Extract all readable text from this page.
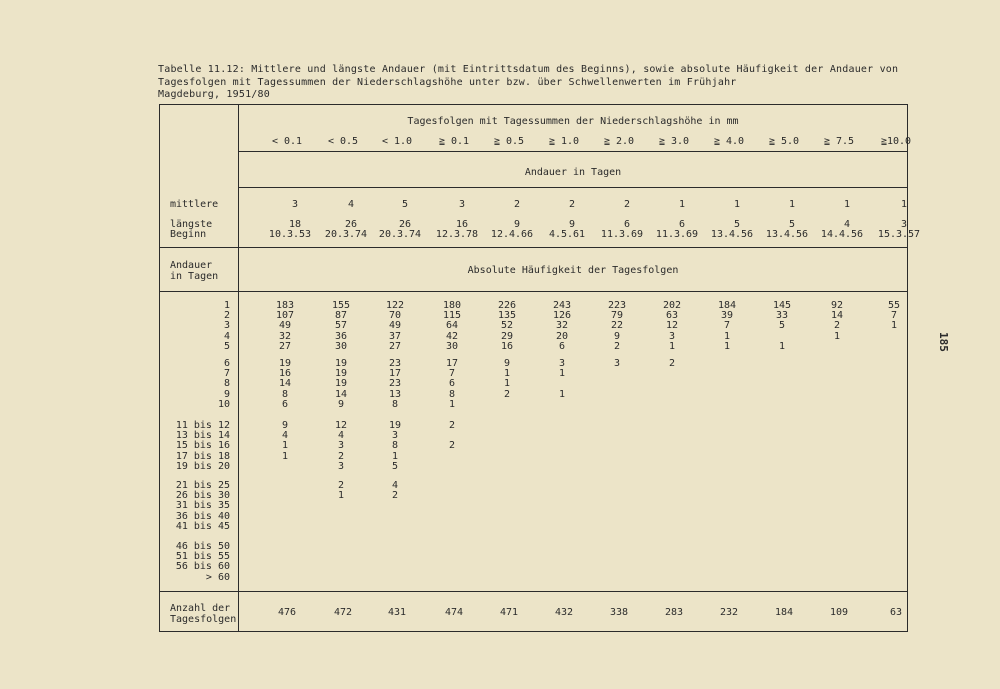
Tabelle 11.12: Mittlere und längste Andauer (mit Eintrittsdatum des Beginns), sowie absolute Häufigkeit der Andauer von
Tagesfolgen mit Tagessummen der Niederschlagshöhe unter bzw. über Schwellenwerten im Frühjahr
Magdeburg, 1951/80
185
Tagesfolgen mit Tagessummen der Niederschlagshöhe in mm
Andauer in Tagen
mittlere
längste
Beginn
Andauer
in Tagen
Absolute Häufigkeit der Tagesfolgen
Anzahl der
Tagesfolgen
< 0.1
3
18
10.3.53
476
< 0.5
4
26
20.3.74
472
< 1.0
5
26
20.3.74
431
≧ 0.1
3
16
12.3.78
474
≧ 0.5
2
9
12.4.66
471
≧ 1.0
2
9
4.5.61
432
≧ 2.0
2
6
11.3.69
338
≧ 3.0
1
6
11.3.69
283
≧ 4.0
1
5
13.4.56
232
≧ 5.0
1
5
13.4.56
184
≧ 7.5
1
4
14.4.56
109
≧10.0
1
3
15.3.57
63
1
2
3
4
5
183
107
49
32
27
155
87
57
36
30
122
70
49
37
27
180
115
64
42
30
226
135
52
29
16
243
126
32
20
6
223
79
22
9
2
202
63
12
3
1
184
39
7
1
1
145
33
5

1
92
14
2
1

55
7
1

6
7
8
9
10
19
16
14
8
6
19
19
19
14
9
23
17
23
13
8
17
7
6
8
1
9
1
1
2

3
1

1

3	2

11 bis 12
13 bis 14
15 bis 16
17 bis 18
19 bis 20
9
4
1
1

12
4
3
2
3
19
3
8
1
5
2

2

21 bis 25
26 bis 30
31 bis 35
36 bis 40
41 bis 45
2
1

4
2

46 bis 50
51 bis 55
56 bis 60
> 60
